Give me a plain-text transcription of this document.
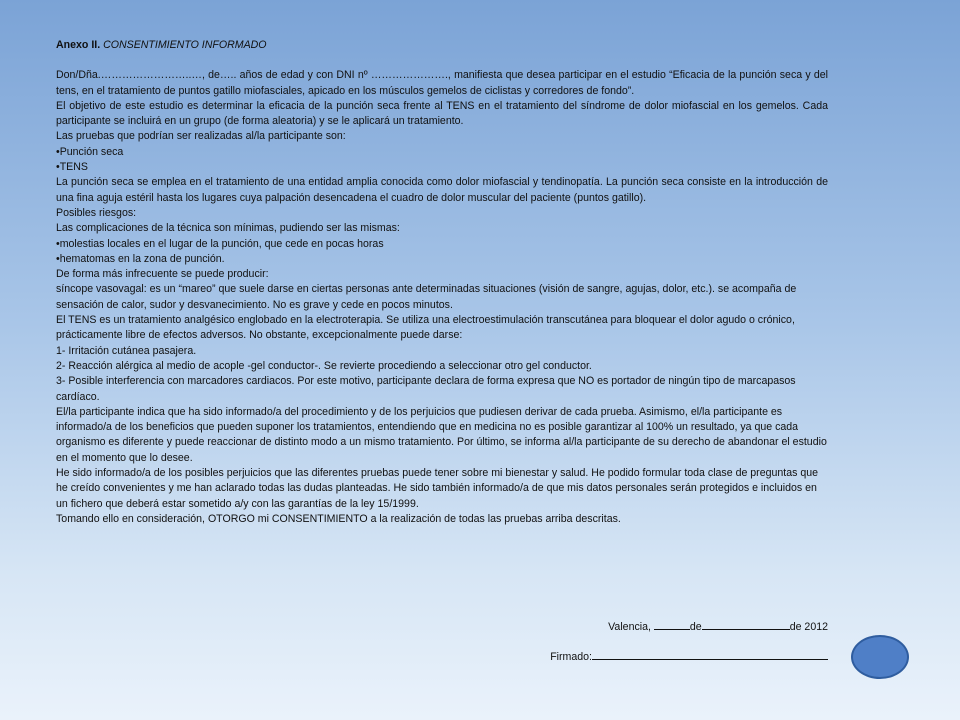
Anexo II. CONSENTIMIENTO INFORMADO

Don/Dña.……………………..…, de….. años de edad y con DNI nº …………………., manifiesta que desea participar en el estudio “Eficacia de la punción seca y del tens, en el tratamiento de puntos gatillo miofasciales, apicado en los músculos gemelos de ciclistas y corredores de fondo”.

El objetivo de este estudio es determinar la eficacia de la punción seca frente al TENS en el tratamiento del síndrome de dolor miofascial en los gemelos. Cada participante se incluirá en un grupo (de forma aleatoria) y se le aplicará un tratamiento.

Las pruebas que podrían ser realizadas al/la participante son:

•Punción seca

•TENS

La punción seca se emplea en el tratamiento de una entidad amplia conocida como dolor miofascial y tendinopatía. La punción seca consiste en la introducción de una fina aguja estéril hasta los lugares cuya palpación desencadena el cuadro de dolor muscular del paciente (puntos gatillo).

Posibles riesgos:

Las complicaciones de la técnica son mínimas, pudiendo ser las mismas:

•molestias locales en el lugar de la punción, que cede en pocas horas

•hematomas en la zona de punción.

De forma más infrecuente se puede producir:

síncope vasovagal: es un “mareo” que suele darse en ciertas personas ante determinadas situaciones (visión de sangre, agujas, dolor, etc.). se acompaña de sensación de calor, sudor y desvanecimiento. No es grave y cede en pocos minutos.

El TENS es un tratamiento analgésico englobado en la electroterapia. Se utiliza una electroestimulación transcutánea para bloquear el dolor agudo o crónico, prácticamente libre de efectos adversos. No obstante, excepcionalmente puede darse:

1- Irritación cutánea pasajera.

2- Reacción alérgica al medio de acople -gel conductor-. Se revierte procediendo a seleccionar otro gel conductor.

3- Posible interferencia con marcadores cardiacos. Por este motivo, participante declara de forma expresa que NO es portador de ningún tipo de marcapasos cardíaco.

El/la participante indica que ha sido informado/a del procedimiento y de los perjuicios que pudiesen derivar de cada prueba. Asimismo, el/la participante es informado/a de los beneficios que pueden suponer los tratamientos, entendiendo que en medicina no es posible garantizar al 100% un resultado, ya que cada organismo es diferente y puede reaccionar de distinto modo a un mismo tratamiento. Por último, se informa al/la participante de su derecho de abandonar el estudio en el momento que lo desee.

He sido informado/a de los posibles perjuicios que las diferentes pruebas puede tener sobre mi bienestar y salud. He podido formular toda clase de preguntas que he creído convenientes y me han aclarado todas las dudas planteadas. He sido también informado/a de que mis datos personales serán protegidos e incluidos en un fichero que deberá estar sometido a/y con las garantías de la ley 15/1999.

Tomando ello en consideración, OTORGO mi CONSENTIMIENTO a la realización de todas las pruebas arriba descritas.

Valencia,	de	de 2012
Firmado:
